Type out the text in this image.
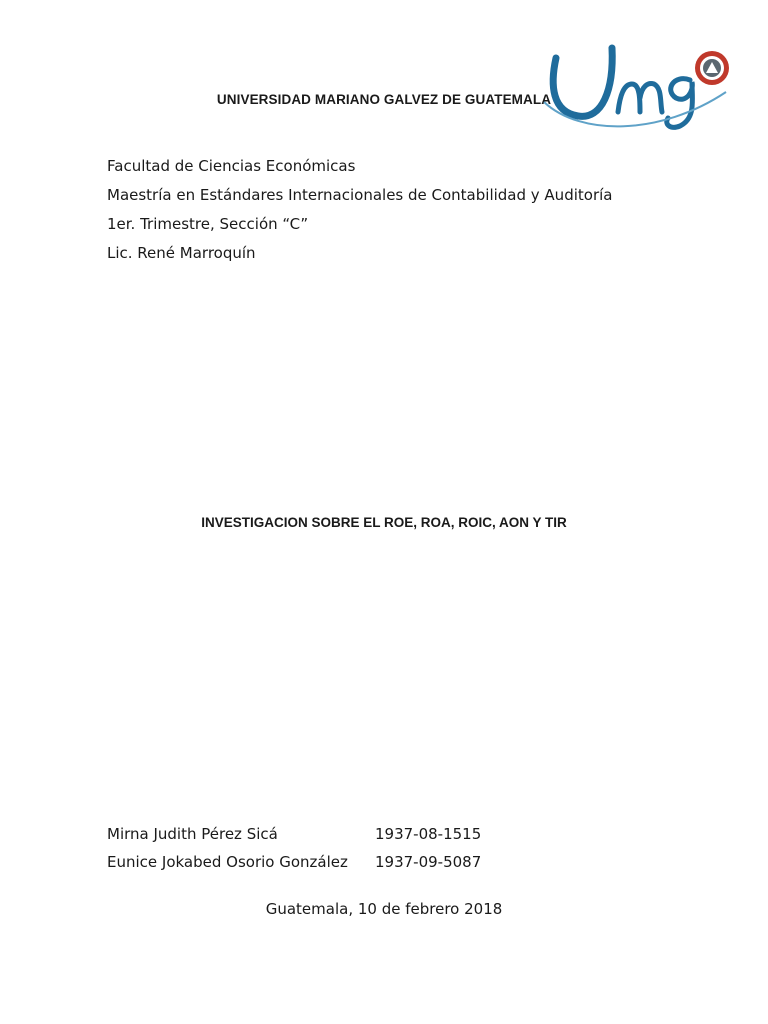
UNIVERSIDAD MARIANO GALVEZ DE GUATEMALA
Facultad de Ciencias Económicas
Maestría en Estándares Internacionales de Contabilidad y Auditoría
1er. Trimestre, Sección “C”
Lic. René Marroquín
INVESTIGACION SOBRE EL ROE, ROA, ROIC, AON Y TIR
Mirna Judith Pérez Sicá	1937-08-1515
Eunice Jokabed Osorio González	1937-09-5087
Guatemala, 10 de febrero 2018
